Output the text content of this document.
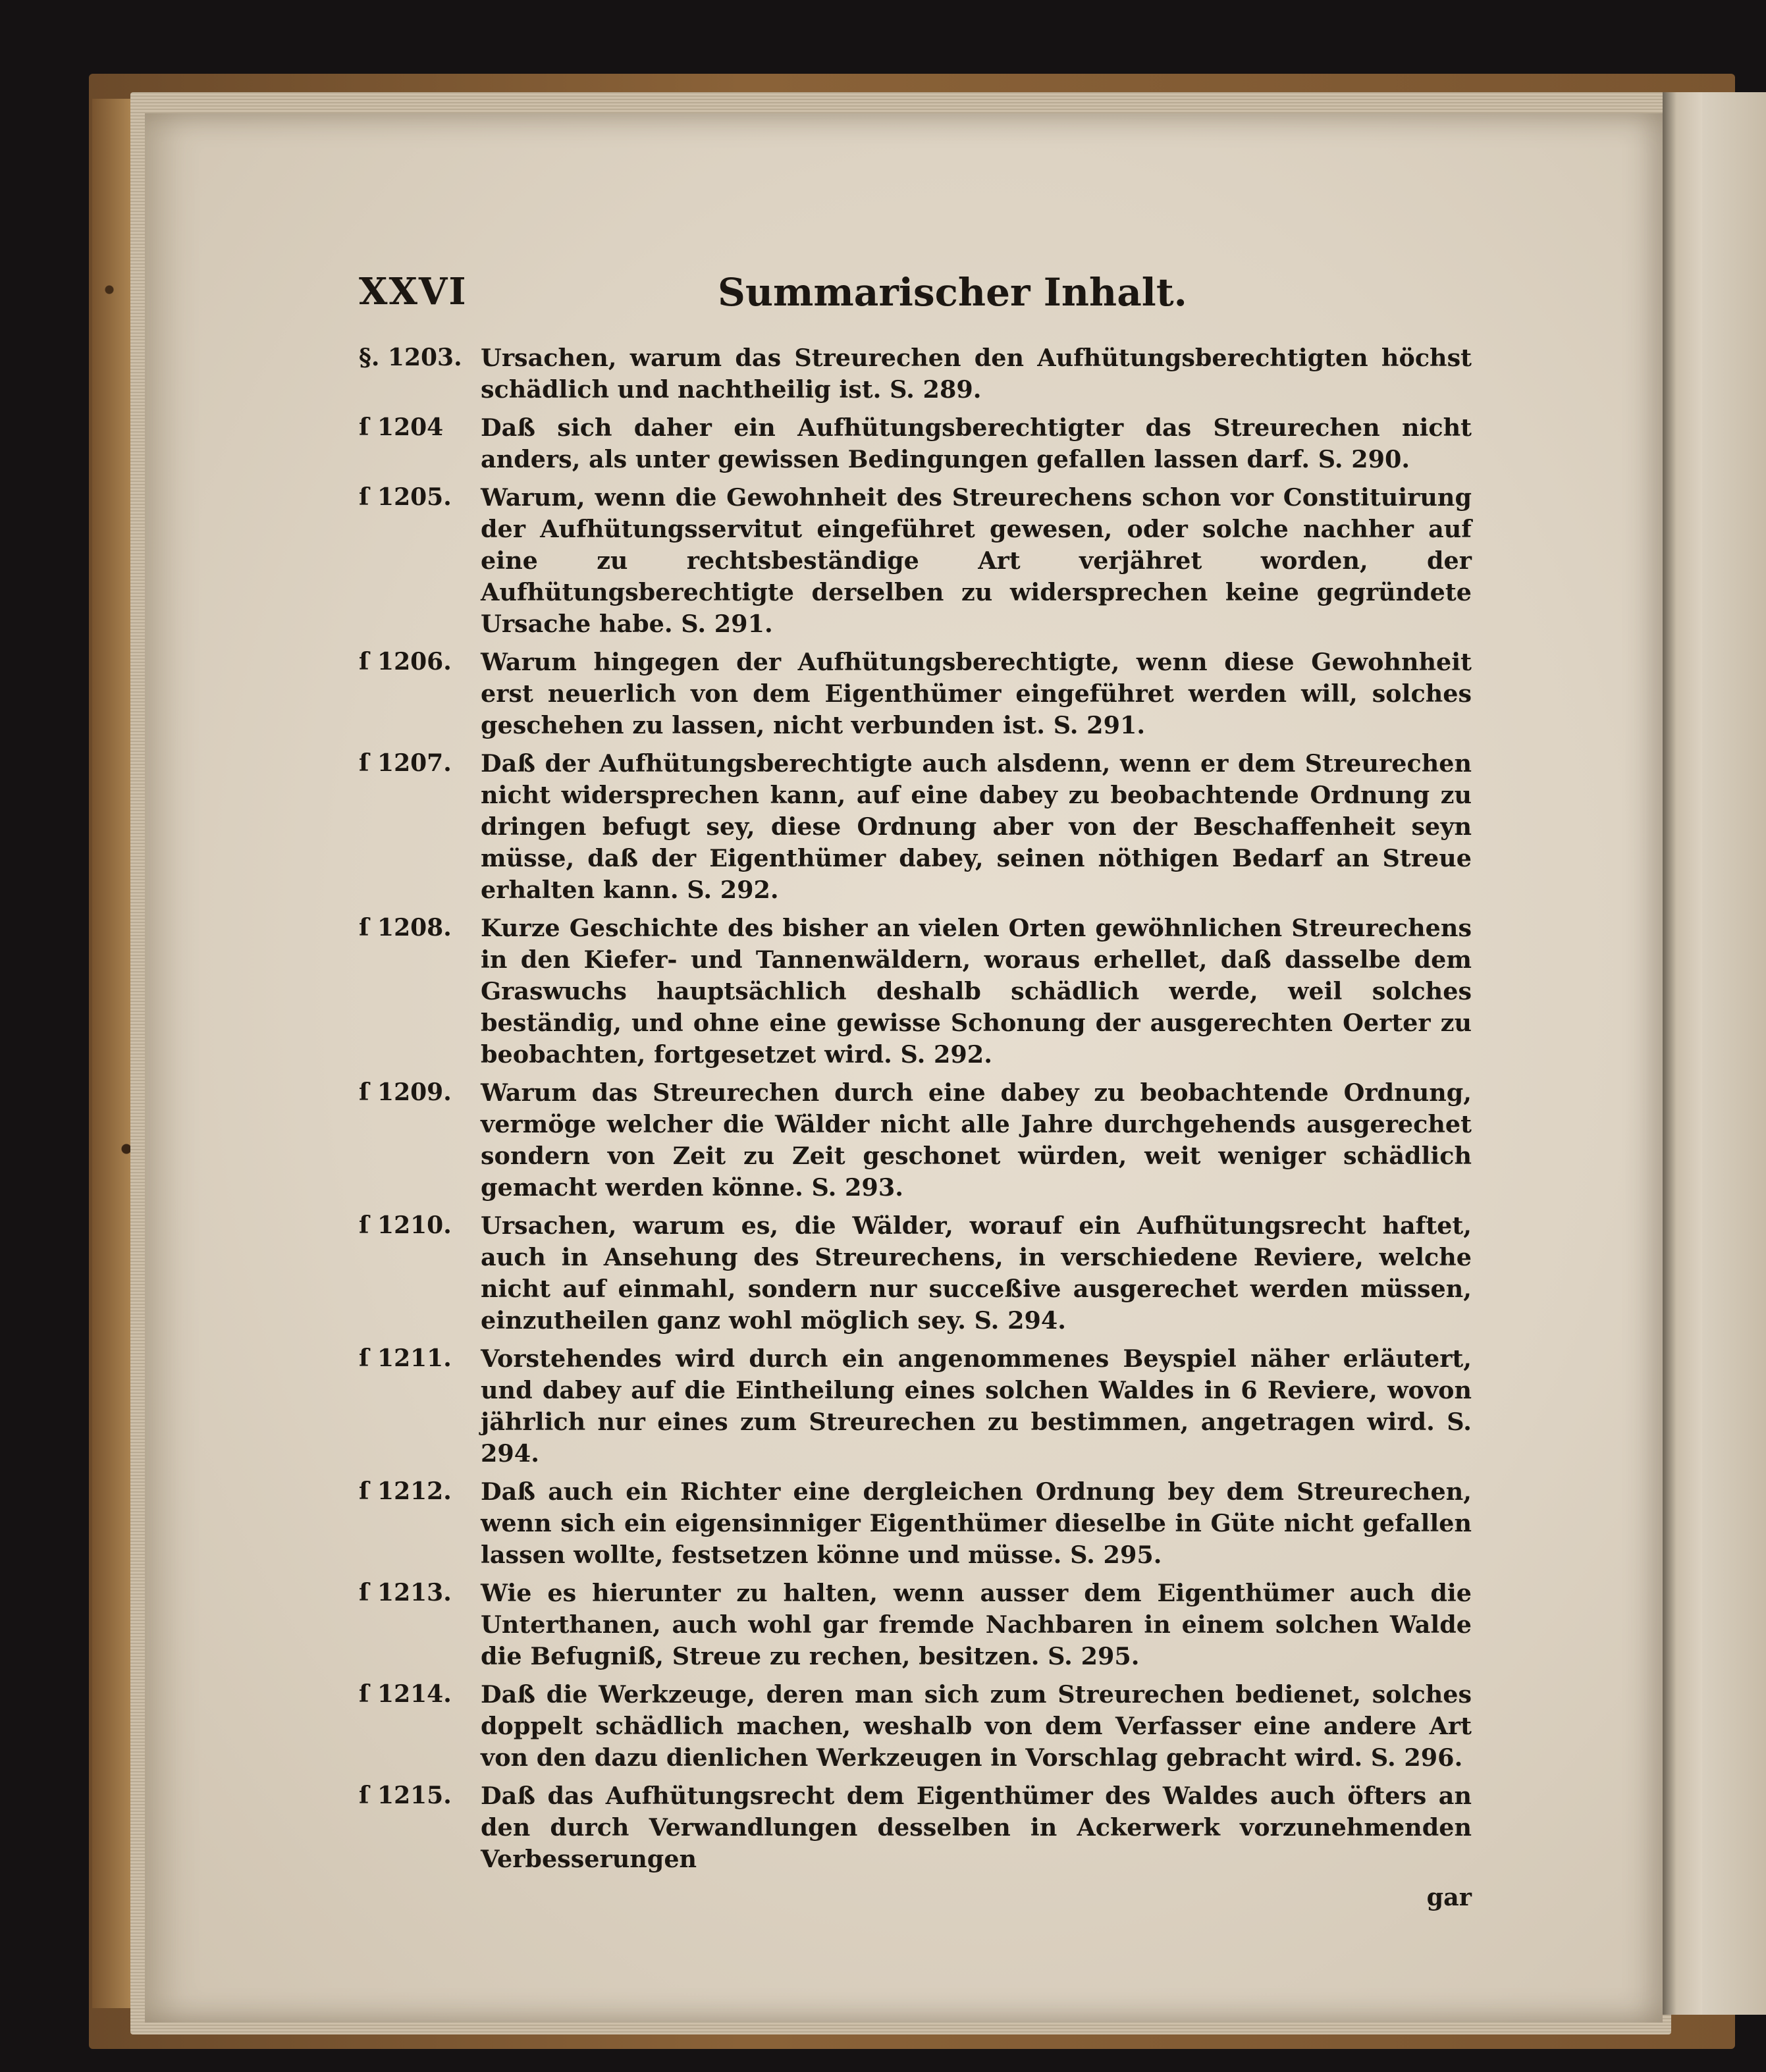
XXVI	Summarischer Inhalt.
§. 1203. Ursachen, warum das Streurechen den Aufhütungsberechtigten höchst schädlich und nachtheilig ist. S. 289.
ſ 1204	Daß sich daher ein Aufhütungsberechtigter das Streurechen nicht anders, als unter gewissen Bedingungen gefallen lassen darf. S. 290.
ſ 1205.	Warum, wenn die Gewohnheit des Streurechens schon vor Constituirung der Aufhütungsservitut eingeführet gewesen, oder solche nachher auf eine zu rechtsbeständige Art verjähret worden, der Aufhütungsberechtigte derselben zu widersprechen keine gegründete Ursache habe. S. 291.
ſ 1206.	Warum hingegen der Aufhütungsberechtigte, wenn diese Gewohnheit erst neuerlich von dem Eigenthümer eingeführet werden will, solches geschehen zu lassen, nicht verbunden ist. S. 291.
ſ 1207.	Daß der Aufhütungsberechtigte auch alsdenn, wenn er dem Streurechen nicht widersprechen kann, auf eine dabey zu beobachtende Ordnung zu dringen befugt sey, diese Ordnung aber von der Beschaffenheit seyn müsse, daß der Eigenthümer dabey, seinen nöthigen Bedarf an Streue erhalten kann. S. 292.
ſ 1208.	Kurze Geschichte des bisher an vielen Orten gewöhnlichen Streurechens in den Kiefer- und Tannenwäldern, woraus erhellet, daß dasselbe dem Graswuchs hauptsächlich deshalb schädlich werde, weil solches beständig, und ohne eine gewisse Schonung der ausgerechten Oerter zu beobachten, fortgesetzet wird. S. 292.
ſ 1209.	Warum das Streurechen durch eine dabey zu beobachtende Ordnung, vermöge welcher die Wälder nicht alle Jahre durchgehends ausgerechet sondern von Zeit zu Zeit geschonet würden, weit weniger schädlich gemacht werden könne. S. 293.
ſ 1210.	Ursachen, warum es, die Wälder, worauf ein Aufhütungsrecht haftet, auch in Ansehung des Streurechens, in verschiedene Reviere, welche nicht auf einmahl, sondern nur succeßive ausgerechet werden müssen, einzutheilen ganz wohl möglich sey. S. 294.
ſ 1211.	Vorstehendes wird durch ein angenommenes Beyspiel näher erläutert, und dabey auf die Eintheilung eines solchen Waldes in 6 Reviere, wovon jährlich nur eines zum Streurechen zu bestimmen, angetragen wird. S. 294.
ſ 1212.	Daß auch ein Richter eine dergleichen Ordnung bey dem Streurechen, wenn sich ein eigensinniger Eigenthümer dieselbe in Güte nicht gefallen lassen wollte, festsetzen könne und müsse. S. 295.
ſ 1213.	Wie es hierunter zu halten, wenn ausser dem Eigenthümer auch die Unterthanen, auch wohl gar fremde Nachbaren in einem solchen Walde die Befugniß, Streue zu rechen, besitzen. S. 295.
ſ 1214.	Daß die Werkzeuge, deren man sich zum Streurechen bedienet, solches doppelt schädlich machen, weshalb von dem Verfasser eine andere Art von den dazu dienlichen Werkzeugen in Vorschlag gebracht wird. S. 296.
ſ 1215.	Daß das Aufhütungsrecht dem Eigenthümer des Waldes auch öfters an den durch Verwandlungen desselben in Ackerwerk vorzunehmenden Verbesserungen
gar
